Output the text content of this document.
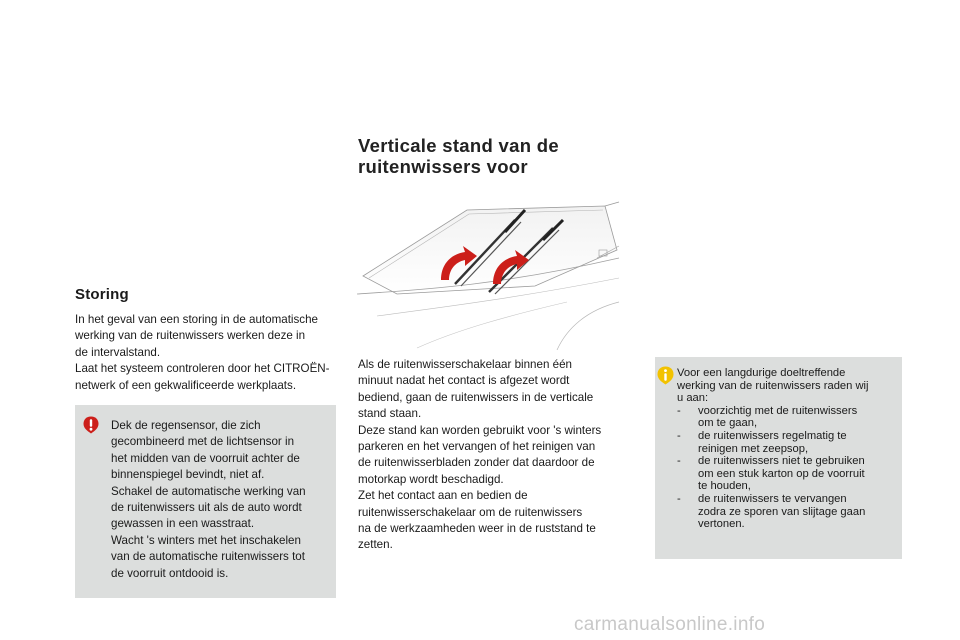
Storing

In het geval van een storing in de automatische
werking van de ruitenwissers werken deze in
de intervalstand.
Laat het systeem controleren door het CITROËN-
netwerk of een gekwalificeerde werkplaats.

Dek de regensensor, die zich
gecombineerd met de lichtsensor in
het midden van de voorruit achter de
binnenspiegel bevindt, niet af.
Schakel de automatische werking van
de ruitenwissers uit als de auto wordt
gewassen in een wasstraat.
Wacht 's winters met het inschakelen
van de automatische ruitenwissers tot
de voorruit ontdooid is.

Verticale stand van de
ruitenwissers voor

Als de ruitenwisserschakelaar binnen één
minuut nadat het contact is afgezet wordt
bediend, gaan de ruitenwissers in de verticale
stand staan.
Deze stand kan worden gebruikt voor 's winters
parkeren en het vervangen of het reinigen van
de ruitenwisserbladen zonder dat daardoor de
motorkap wordt beschadigd.
Zet het contact aan en bedien de
ruitenwisserschakelaar om de ruitenwissers
na de werkzaamheden weer in de ruststand te
zetten.

Voor een langdurige doeltreffende
werking van de ruitenwissers raden wij
u aan:
- voorzichtig met de ruitenwissers
om te gaan,
- de ruitenwissers regelmatig te
reinigen met zeepsop,
- de ruitenwissers niet te gebruiken
om een stuk karton op de voorruit
te houden,
- de ruitenwissers te vervangen
zodra ze sporen van slijtage gaan
vertonen.
carmanualsonline.info
